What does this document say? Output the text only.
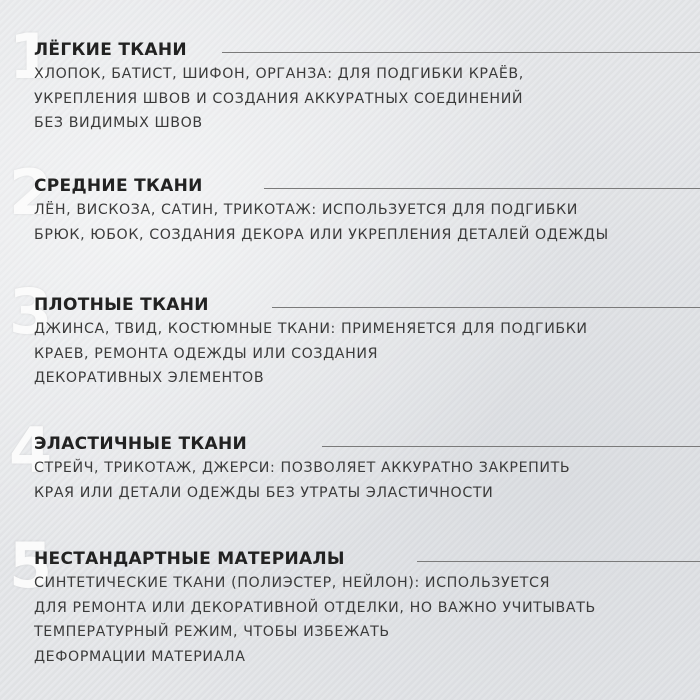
1
ЛЁГКИЕ ТКАНИ
ХЛОПОК, БАТИСТ, ШИФОН, ОРГАНЗА: ДЛЯ ПОДГИБКИ КРАЁВ,
УКРЕПЛЕНИЯ ШВОВ И СОЗДАНИЯ АККУРАТНЫХ СОЕДИНЕНИЙ
БЕЗ ВИДИМЫХ ШВОВ
2
СРЕДНИЕ ТКАНИ
ЛЁН, ВИСКОЗА, САТИН, ТРИКОТАЖ: ИСПОЛЬЗУЕТСЯ ДЛЯ ПОДГИБКИ
БРЮК, ЮБОК, СОЗДАНИЯ ДЕКОРА ИЛИ УКРЕПЛЕНИЯ ДЕТАЛЕЙ ОДЕЖДЫ
3
ПЛОТНЫЕ ТКАНИ
ДЖИНСА, ТВИД, КОСТЮМНЫЕ ТКАНИ: ПРИМЕНЯЕТСЯ ДЛЯ ПОДГИБКИ
КРАЕВ, РЕМОНТА ОДЕЖДЫ ИЛИ СОЗДАНИЯ
ДЕКОРАТИВНЫХ ЭЛЕМЕНТОВ
4
ЭЛАСТИЧНЫЕ ТКАНИ
СТРЕЙЧ, ТРИКОТАЖ, ДЖЕРСИ: ПОЗВОЛЯЕТ АККУРАТНО ЗАКРЕПИТЬ
КРАЯ ИЛИ ДЕТАЛИ ОДЕЖДЫ БЕЗ УТРАТЫ ЭЛАСТИЧНОСТИ
5
НЕСТАНДАРТНЫЕ МАТЕРИАЛЫ
СИНТЕТИЧЕСКИЕ ТКАНИ (ПОЛИЭСТЕР, НЕЙЛОН): ИСПОЛЬЗУЕТСЯ
ДЛЯ РЕМОНТА ИЛИ ДЕКОРАТИВНОЙ ОТДЕЛКИ, НО ВАЖНО УЧИТЫВАТЬ
ТЕМПЕРАТУРНЫЙ РЕЖИМ, ЧТОБЫ ИЗБЕЖАТЬ
ДЕФОРМАЦИИ МАТЕРИАЛА
